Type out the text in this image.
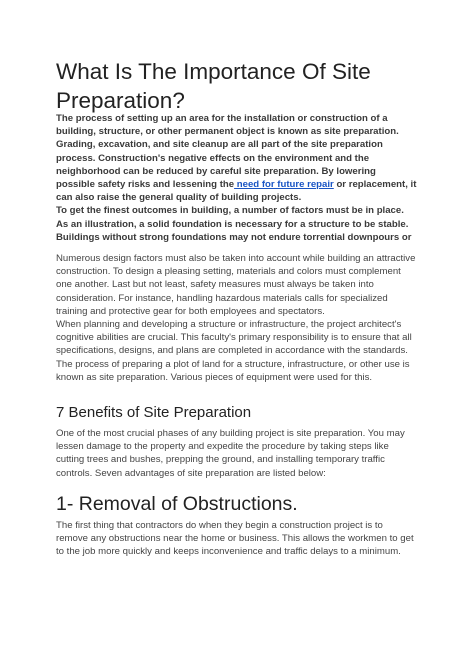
What Is The Importance Of Site
Preparation?

The process of setting up an area for the installation or construction of a
building, structure, or other permanent object is known as site preparation.
Grading, excavation, and site cleanup are all part of the site preparation
process. Construction's negative effects on the environment and the
neighborhood can be reduced by careful site preparation. By lowering
possible safety risks and lessening the need for future repair or replacement, it
can also raise the general quality of building projects.
To get the finest outcomes in building, a number of factors must be in place.
As an illustration, a solid foundation is necessary for a structure to be stable.
Buildings without strong foundations may not endure torrential downpours or

Numerous design factors must also be taken into account while building an attractive
construction. To design a pleasing setting, materials and colors must complement
one another. Last but not least, safety measures must always be taken into
consideration. For instance, handling hazardous materials calls for specialized
training and protective gear for both employees and spectators.
When planning and developing a structure or infrastructure, the project architect's
cognitive abilities are crucial. This faculty's primary responsibility is to ensure that all
specifications, designs, and plans are completed in accordance with the standards.
The process of preparing a plot of land for a structure, infrastructure, or other use is
known as site preparation. Various pieces of equipment were used for this.

7 Benefits of Site Preparation

One of the most crucial phases of any building project is site preparation. You may
lessen damage to the property and expedite the procedure by taking steps like
cutting trees and bushes, prepping the ground, and installing temporary traffic
controls. Seven advantages of site preparation are listed below:

1- Removal of Obstructions.

The first thing that contractors do when they begin a construction project is to
remove any obstructions near the home or business. This allows the workmen to get
to the job more quickly and keeps inconvenience and traffic delays to a minimum.
